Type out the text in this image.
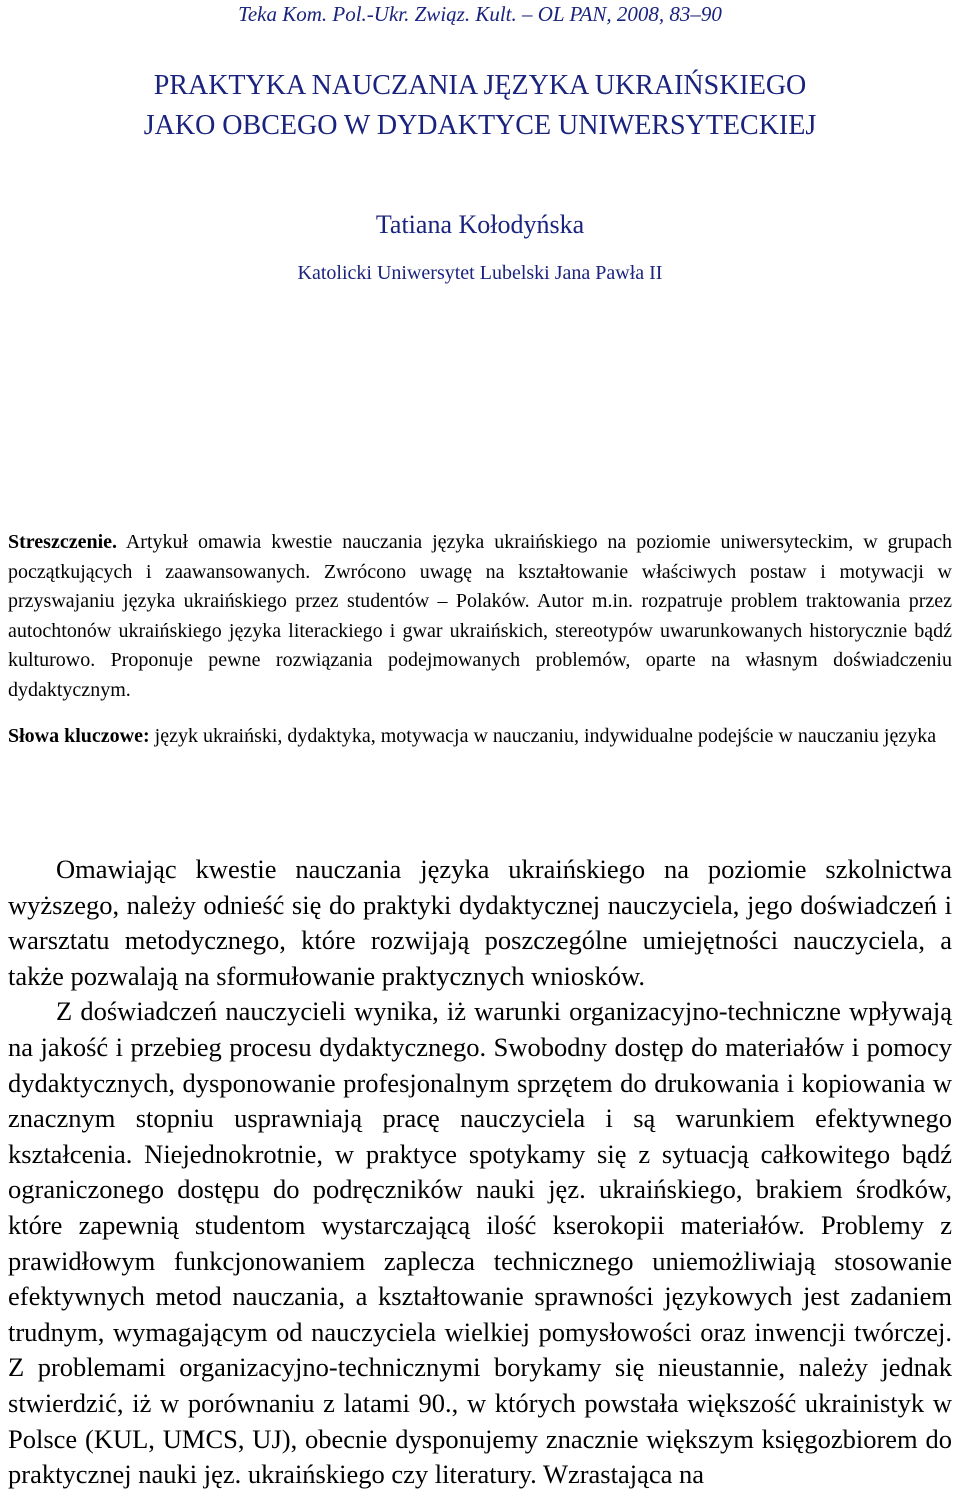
Teka Kom. Pol.-Ukr. Związ. Kult. – OL PAN, 2008, 83–90

PRAKTYKA NAUCZANIA JĘZYKA UKRAIŃSKIEGO
JAKO OBCEGO W DYDAKTYCE UNIWERSYTECKIEJ

Tatiana Kołodyńska

Katolicki Uniwersytet Lubelski Jana Pawła II

Streszczenie. Artykuł omawia kwestie nauczania języka ukraińskiego na poziomie uniwersyteckim, w grupach początkujących i zaawansowanych. Zwrócono uwagę na kształtowanie właściwych postaw i motywacji w przyswajaniu języka ukraińskiego przez studentów – Polaków. Autor m.in. rozpatruje problem traktowania przez autochtonów ukraińskiego języka literackiego i gwar ukraińskich, stereotypów uwarunkowanych historycznie bądź kulturowo. Proponuje pewne rozwiązania podejmowanych problemów, oparte na własnym doświadczeniu dydaktycznym.

Słowa kluczowe: język ukraiński, dydaktyka, motywacja w nauczaniu, indywidualne podejście w nauczaniu języka

Omawiając kwestie nauczania języka ukraińskiego na poziomie szkolnictwa wyższego, należy odnieść się do praktyki dydaktycznej nauczyciela, jego doświadczeń i warsztatu metodycznego, które rozwijają poszczególne umiejętności nauczyciela, a także pozwalają na sformułowanie praktycznych wniosków.

Z doświadczeń nauczycieli wynika, iż warunki organizacyjno-techniczne wpływają na jakość i przebieg procesu dydaktycznego. Swobodny dostęp do materiałów i pomocy dydaktycznych, dysponowanie profesjonalnym sprzętem do drukowania i kopiowania w znacznym stopniu usprawniają pracę nauczyciela i są warunkiem efektywnego kształcenia. Niejednokrotnie, w praktyce spotykamy się z sytuacją całkowitego bądź ograniczonego dostępu do podręczników nauki jęz. ukraińskiego, brakiem środków, które zapewnią studentom wystarczającą ilość kserokopii materiałów. Problemy z prawidłowym funkcjonowaniem zaplecza technicznego uniemożliwiają stosowanie efektywnych metod nauczania, a kształtowanie sprawności językowych jest zadaniem trudnym, wymagającym od nauczyciela wielkiej pomysłowości oraz inwencji twórczej. Z problemami organizacyjno-technicznymi borykamy się nieustannie, należy jednak stwierdzić, iż w porównaniu z latami 90., w których powstała większość ukrainistyk w Polsce (KUL, UMCS, UJ), obecnie dysponujemy znacznie większym księgozbiorem do praktycznej nauki jęz. ukraińskiego czy literatury. Wzrastająca na
